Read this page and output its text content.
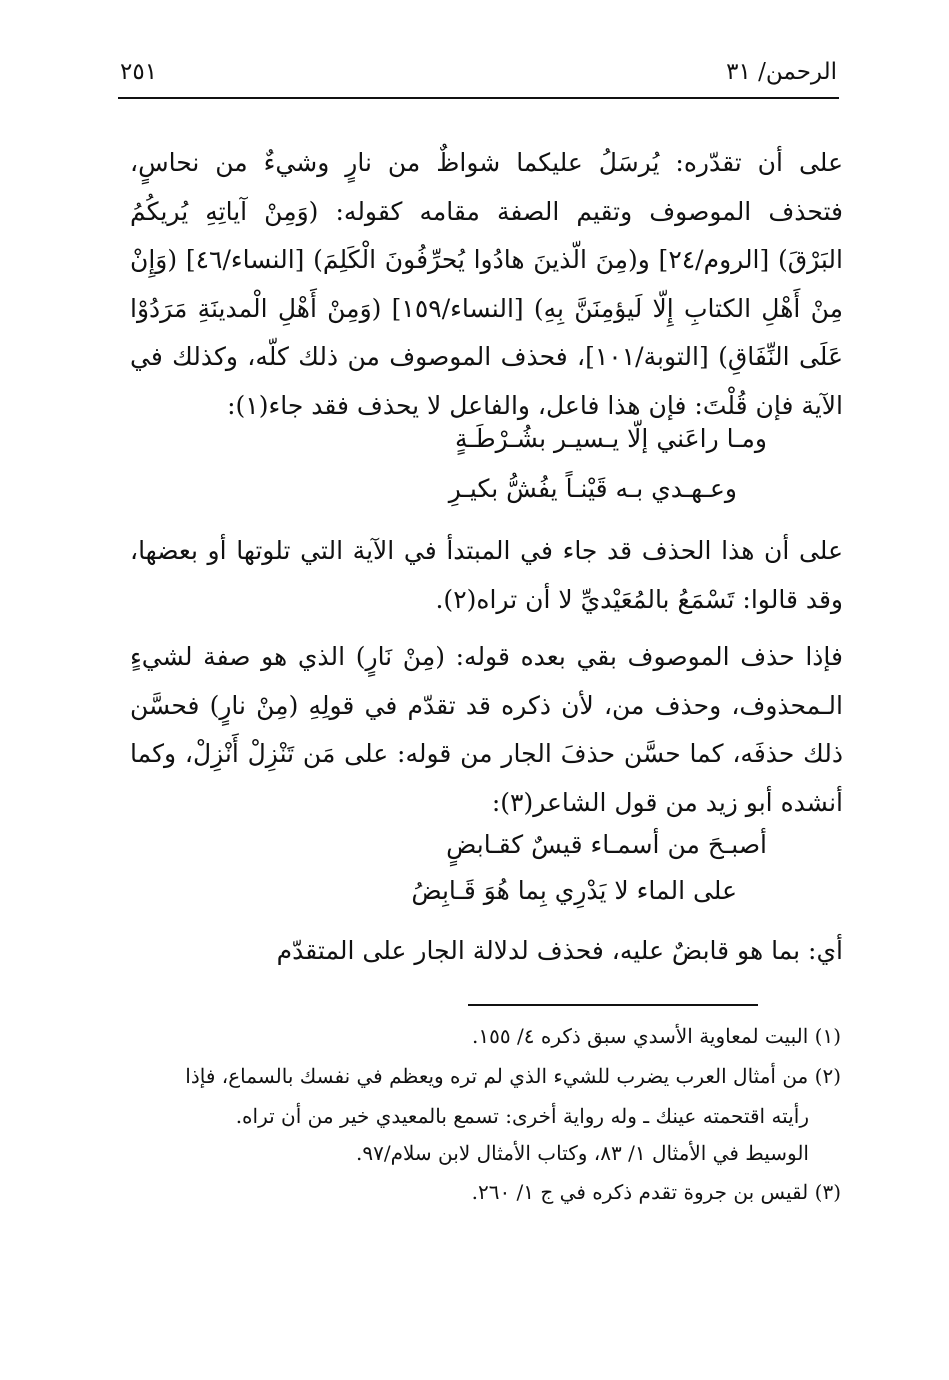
الرحمن/ ٣١
٢٥١

على أن تقدّره: يُرسَلُ عليكما شواظٌ من نارٍ وشيءٌ من نحاسٍ، فتحذف الموصوف وتقيم الصفة مقامه كقوله: (وَمِنْ آياتِهِ يُريكُمُ البَرْقَ) [الروم/٢٤] و(مِنَ الّذينَ هادُوا يُحرِّفُونَ الْكَلِمَ) [النساء/٤٦] (وَإِنْ مِنْ أَهْلِ الكتابِ إِلّا لَيؤمِنَنَّ بِهِ) [النساء/١٥٩] (وَمِنْ أَهْلِ الْمدينَةِ مَرَدُوْا عَلَى النِّفَاقِ) [التوبة/١٠١]، فحذف الموصوف من ذلك كلّه، وكذلك في الآية فإن قُلْتَ: فإن هذا فاعل، والفاعل لا يحذف فقد جاء(١):

ومـا راعَني إلّا يـسيـر بشُـرْطَـةٍ

وعـهـدي بـه قَيْنـاً يفُشُّ بكيـرِ

على أن هذا الحذف قد جاء في المبتدأ في الآية التي تلوتها أو بعضها، وقد قالوا: تَسْمَعُ بالمُعَيْديِّ لا أن تراه(٢).

فإذا حذف الموصوف بقي بعده قوله: (مِنْ نَارٍ) الذي هو صفة لشيءٍ الـمحذوف، وحذف من، لأن ذكره قد تقدّم في قولِهِ (مِنْ نارٍ) فحسَّن ذلك حذفَه، كما حسَّن حذفَ الجار من قوله: على مَن تَنْزِلْ أَنْزِلْ، وكما أنشده أبو زيد من قول الشاعر(٣):

أصبـحَ من أسمـاء قيسٌ كقـابضٍ

على الماء لا يَدْرِي بِما هُوَ قَـابِضُ

أي: بما هو قابضٌ عليه، فحذف لدلالة الجار على المتقدّم

(١) البيت لمعاوية الأسدي سبق ذكره ٤/ ١٥٥.

(٢) من أمثال العرب يضرب للشيء الذي لم تره ويعظم في نفسك بالسماع، فإذا

رأيته اقتحمته عينك ـ وله رواية أخرى: تسمع بالمعيدي خير من أن تراه.

الوسيط في الأمثال ١/ ٨٣، وكتاب الأمثال لابن سلام/٩٧.

(٣) لقيس بن جروة تقدم ذكره في ج ١/ ٢٦٠.
